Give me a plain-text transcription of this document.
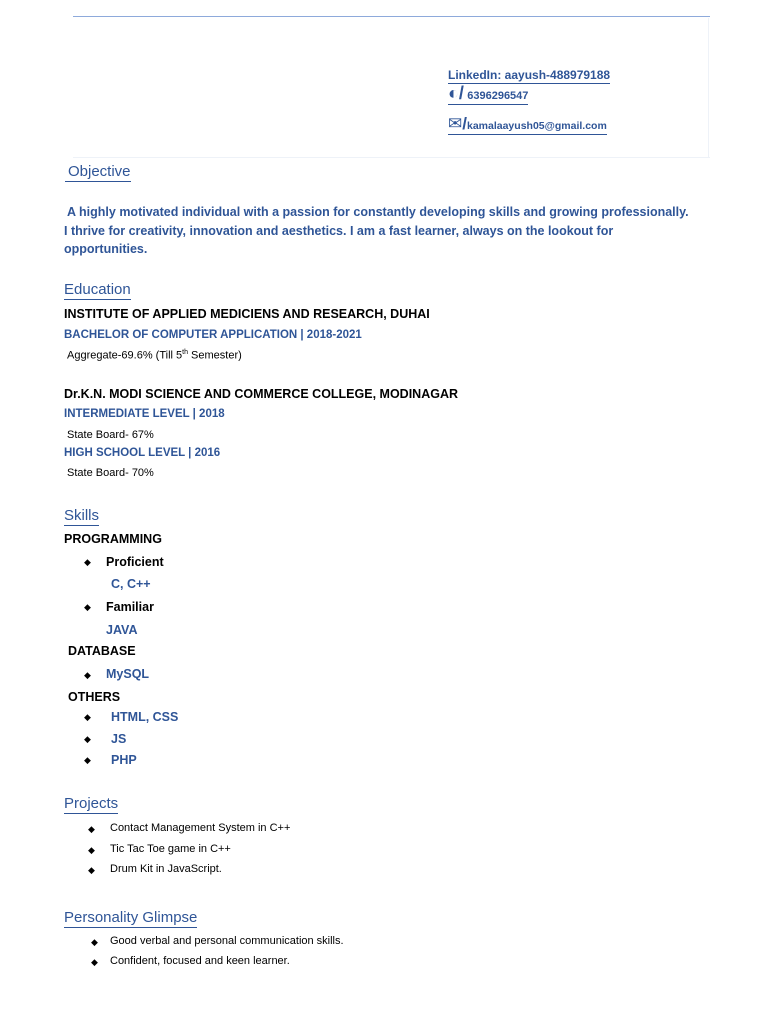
LinkedIn: aayush-488979188
◐/ 6396296547
✉/kamalaayush05@gmail.com
Objective
A highly motivated individual with a passion for constantly developing skills and growing professionally. I thrive for creativity, innovation and aesthetics. I am a fast learner, always on the lookout for opportunities.
Education
INSTITUTE OF APPLIED MEDICIENS AND RESEARCH, DUHAI
BACHELOR OF COMPUTER APPLICATION | 2018-2021
Aggregate-69.6% (Till 5th Semester)
Dr.K.N. MODI SCIENCE AND COMMERCE COLLEGE, MODINAGAR
INTERMEDIATE LEVEL | 2018
State Board- 67%
HIGH SCHOOL LEVEL | 2016
State Board- 70%
Skills
PROGRAMMING
◆ Proficient
C, C++
◆ Familiar
JAVA
DATABASE
◆ MySQL
OTHERS
◆ HTML, CSS
◆ JS
◆ PHP
Projects
◆ Contact Management System in C++
◆ Tic Tac Toe game in C++
◆ Drum Kit in JavaScript.
Personality Glimpse
◆ Good verbal and personal communication skills.
◆ Confident, focused and keen learner.
